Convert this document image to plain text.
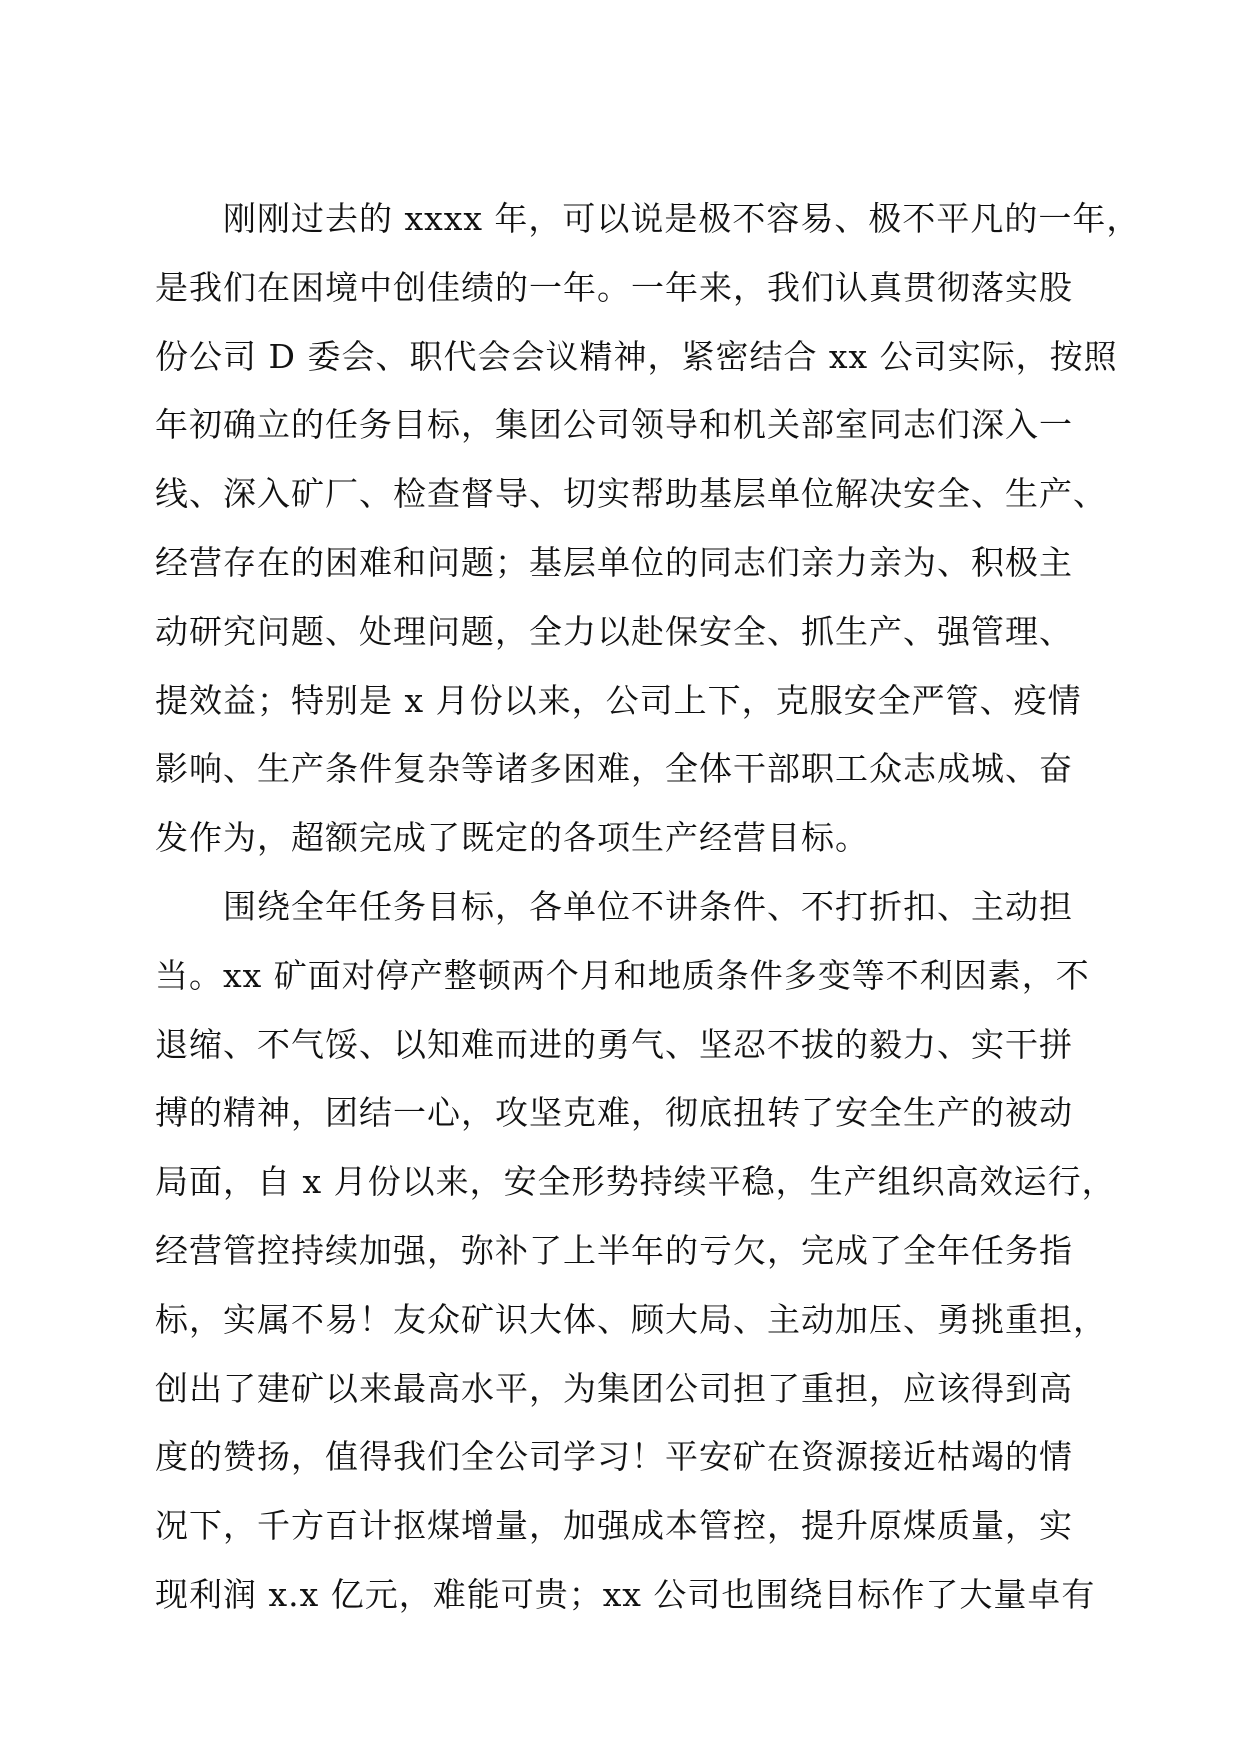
刚刚过去的 xxxx 年，可以说是极不容易、极不平凡的一年，
是我们在困境中创佳绩的一年。一年来，我们认真贯彻落实股
份公司 D 委会、职代会会议精神，紧密结合 xx 公司实际，按照
年初确立的任务目标，集团公司领导和机关部室同志们深入一
线、深入矿厂、检查督导、切实帮助基层单位解决安全、生产、
经营存在的困难和问题；基层单位的同志们亲力亲为、积极主
动研究问题、处理问题，全力以赴保安全、抓生产、强管理、
提效益；特别是 x 月份以来，公司上下，克服安全严管、疫情
影响、生产条件复杂等诸多困难，全体干部职工众志成城、奋
发作为，超额完成了既定的各项生产经营目标。
围绕全年任务目标，各单位不讲条件、不打折扣、主动担
当。xx 矿面对停产整顿两个月和地质条件多变等不利因素，不
退缩、不气馁、以知难而进的勇气、坚忍不拔的毅力、实干拼
搏的精神，团结一心，攻坚克难，彻底扭转了安全生产的被动
局面，自 x 月份以来，安全形势持续平稳，生产组织高效运行，
经营管控持续加强，弥补了上半年的亏欠，完成了全年任务指
标，实属不易！友众矿识大体、顾大局、主动加压、勇挑重担，
创出了建矿以来最高水平，为集团公司担了重担，应该得到高
度的赞扬，值得我们全公司学习！平安矿在资源接近枯竭的情
况下，千方百计抠煤增量，加强成本管控，提升原煤质量，实
现利润 x.x 亿元，难能可贵；xx 公司也围绕目标作了大量卓有
